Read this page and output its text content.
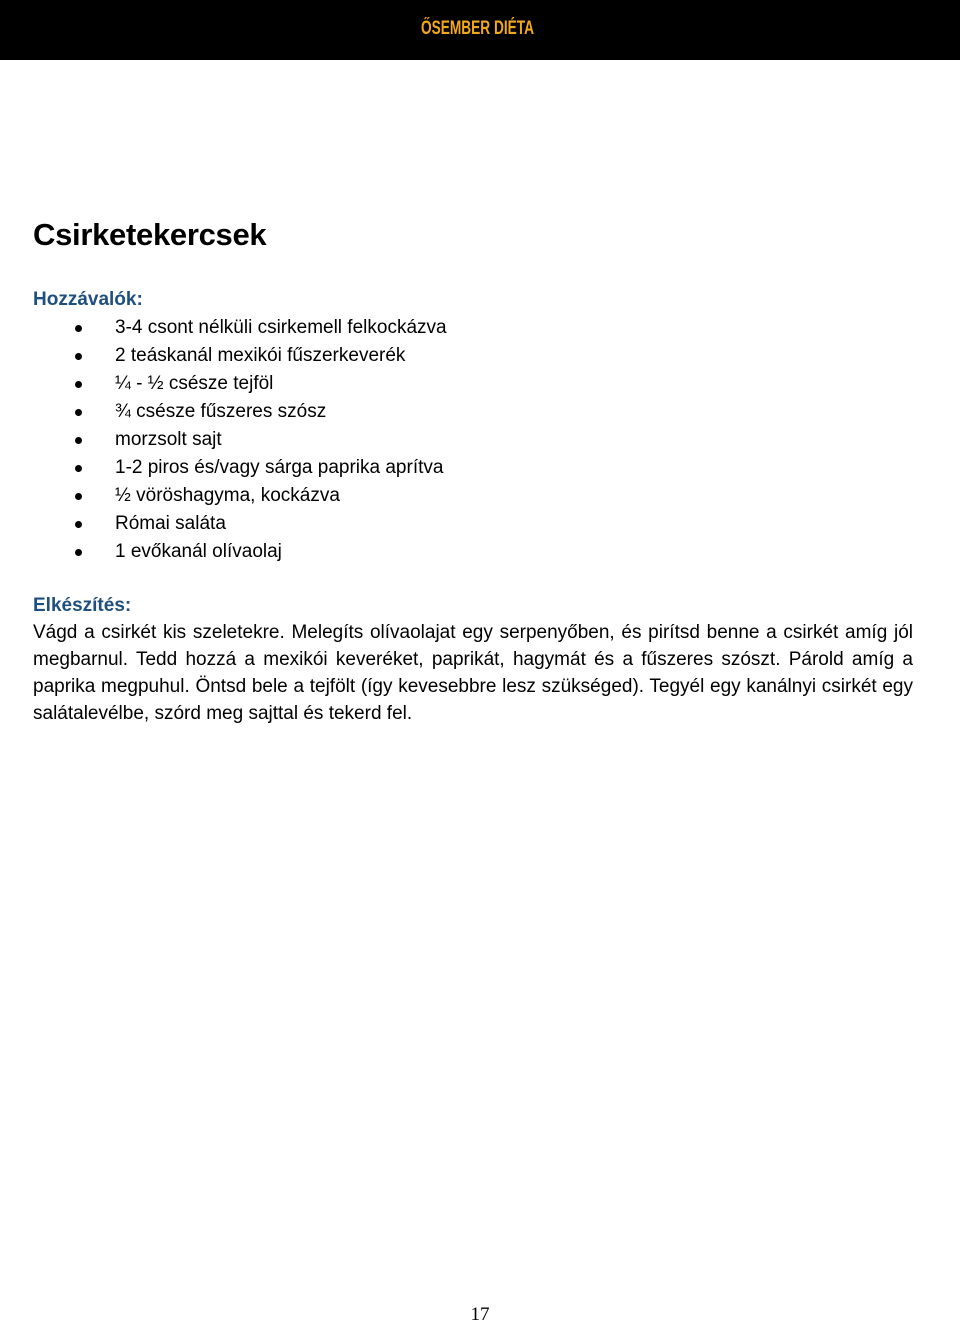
ŐSEMBER DIÉTA
Csirketekercsek
Hozzávalók:
3-4 csont nélküli csirkemell felkockázva
2 teáskanál mexikói fűszerkeverék
¼ - ½ csésze tejföl
¾ csésze fűszeres szósz
morzsolt sajt
1-2 piros és/vagy sárga paprika aprítva
½ vöröshagyma, kockázva
Római saláta
1 evőkanál olívaolaj
Elkészítés:

Vágd a csirkét kis szeletekre. Melegíts olívaolajat egy serpenyőben, és pirítsd benne a csirkét amíg jól megbarnul. Tedd hozzá a mexikói keveréket, paprikát, hagymát és a fűszeres szószt. Párold amíg a paprika megpuhul. Öntsd bele a tejfölt (így kevesebbre lesz szükséged). Tegyél egy kanálnyi csirkét egy salátalevélbe, szórd meg sajttal és tekerd fel.

17
